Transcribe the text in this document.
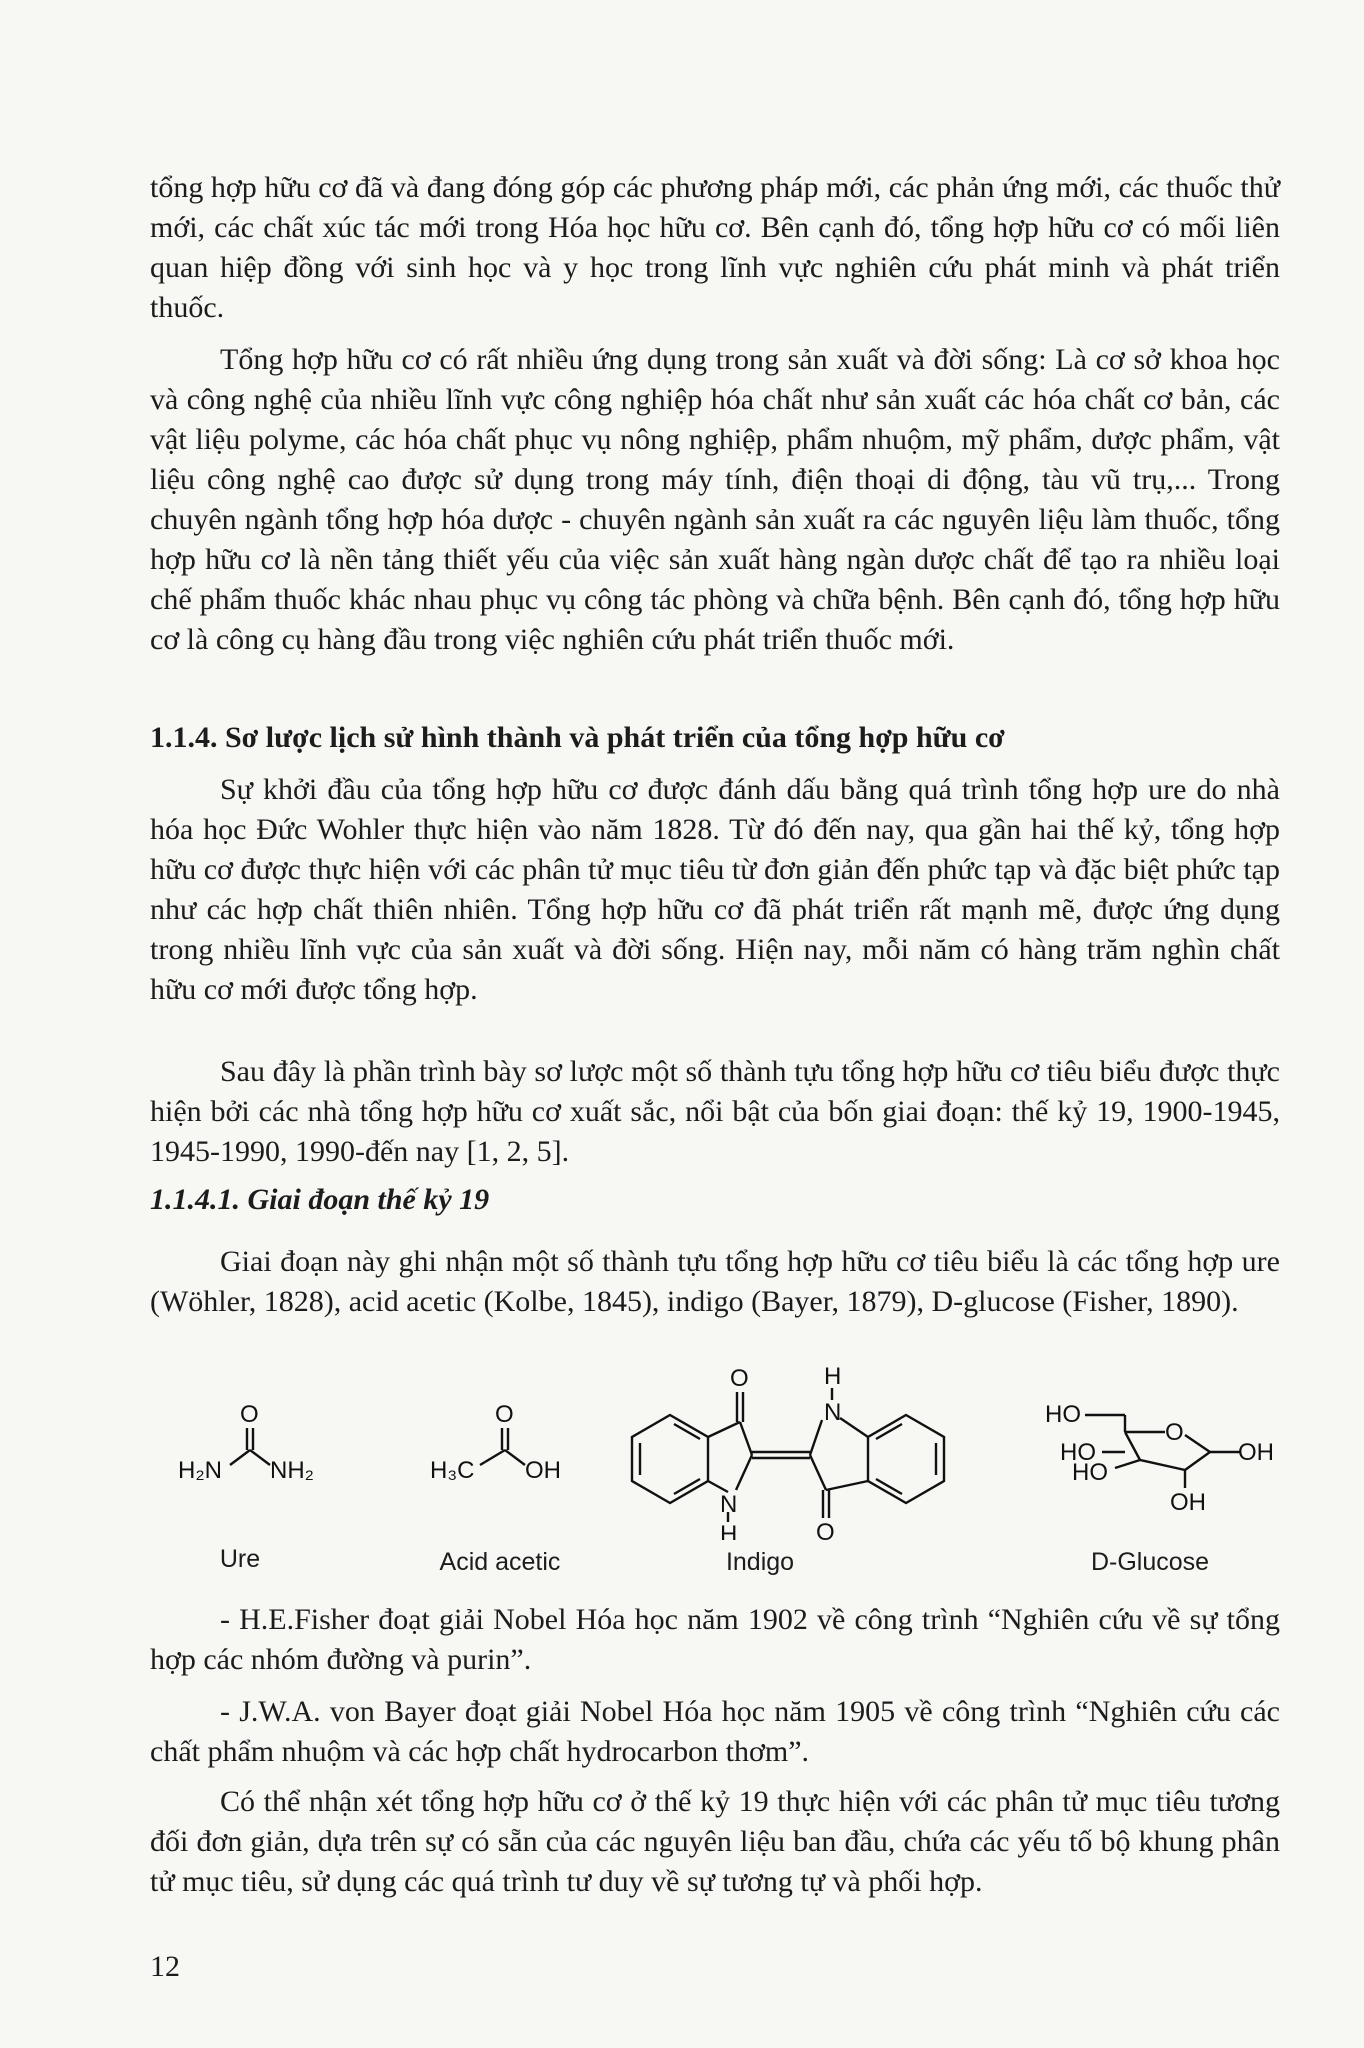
tổng hợp hữu cơ đã và đang đóng góp các phương pháp mới, các phản ứng mới, các thuốc thử mới, các chất xúc tác mới trong Hóa học hữu cơ. Bên cạnh đó, tổng hợp hữu cơ có mối liên quan hiệp đồng với sinh học và y học trong lĩnh vực nghiên cứu phát minh và phát triển thuốc.
Tổng hợp hữu cơ có rất nhiều ứng dụng trong sản xuất và đời sống: Là cơ sở khoa học và công nghệ của nhiều lĩnh vực công nghiệp hóa chất như sản xuất các hóa chất cơ bản, các vật liệu polyme, các hóa chất phục vụ nông nghiệp, phẩm nhuộm, mỹ phẩm, dược phẩm, vật liệu công nghệ cao được sử dụng trong máy tính, điện thoại di động, tàu vũ trụ,... Trong chuyên ngành tổng hợp hóa dược - chuyên ngành sản xuất ra các nguyên liệu làm thuốc, tổng hợp hữu cơ là nền tảng thiết yếu của việc sản xuất hàng ngàn dược chất để tạo ra nhiều loại chế phẩm thuốc khác nhau phục vụ công tác phòng và chữa bệnh. Bên cạnh đó, tổng hợp hữu cơ là công cụ hàng đầu trong việc nghiên cứu phát triển thuốc mới.
1.1.4. Sơ lược lịch sử hình thành và phát triển của tổng hợp hữu cơ
Sự khởi đầu của tổng hợp hữu cơ được đánh dấu bằng quá trình tổng hợp ure do nhà hóa học Đức Wohler thực hiện vào năm 1828. Từ đó đến nay, qua gần hai thế kỷ, tổng hợp hữu cơ được thực hiện với các phân tử mục tiêu từ đơn giản đến phức tạp và đặc biệt phức tạp như các hợp chất thiên nhiên. Tổng hợp hữu cơ đã phát triển rất mạnh mẽ, được ứng dụng trong nhiều lĩnh vực của sản xuất và đời sống. Hiện nay, mỗi năm có hàng trăm nghìn chất hữu cơ mới được tổng hợp.
Sau đây là phần trình bày sơ lược một số thành tựu tổng hợp hữu cơ tiêu biểu được thực hiện bởi các nhà tổng hợp hữu cơ xuất sắc, nổi bật của bốn giai đoạn: thế kỷ 19, 1900-1945, 1945-1990, 1990-đến nay [1, 2, 5].
1.1.4.1. Giai đoạn thế kỷ 19
Giai đoạn này ghi nhận một số thành tựu tổng hợp hữu cơ tiêu biểu là các tổng hợp ure (Wöhler, 1828), acid acetic (Kolbe, 1845), indigo (Bayer, 1879), D-glucose (Fisher, 1890).
O
H₂N NH₂
O
H₃C OH
O	H
N
N
H	O
HO
O
HO
HO
OH
OH
Ure	Acid acetic	Indigo	D-Glucose
- H.E.Fisher đoạt giải Nobel Hóa học năm 1902 về công trình “Nghiên cứu về sự tổng hợp các nhóm đường và purin”.
- J.W.A. von Bayer đoạt giải Nobel Hóa học năm 1905 về công trình “Nghiên cứu các chất phẩm nhuộm và các hợp chất hydrocarbon thơm”.
Có thể nhận xét tổng hợp hữu cơ ở thế kỷ 19 thực hiện với các phân tử mục tiêu tương đối đơn giản, dựa trên sự có sẵn của các nguyên liệu ban đầu, chứa các yếu tố bộ khung phân tử mục tiêu, sử dụng các quá trình tư duy về sự tương tự và phối hợp.
12
